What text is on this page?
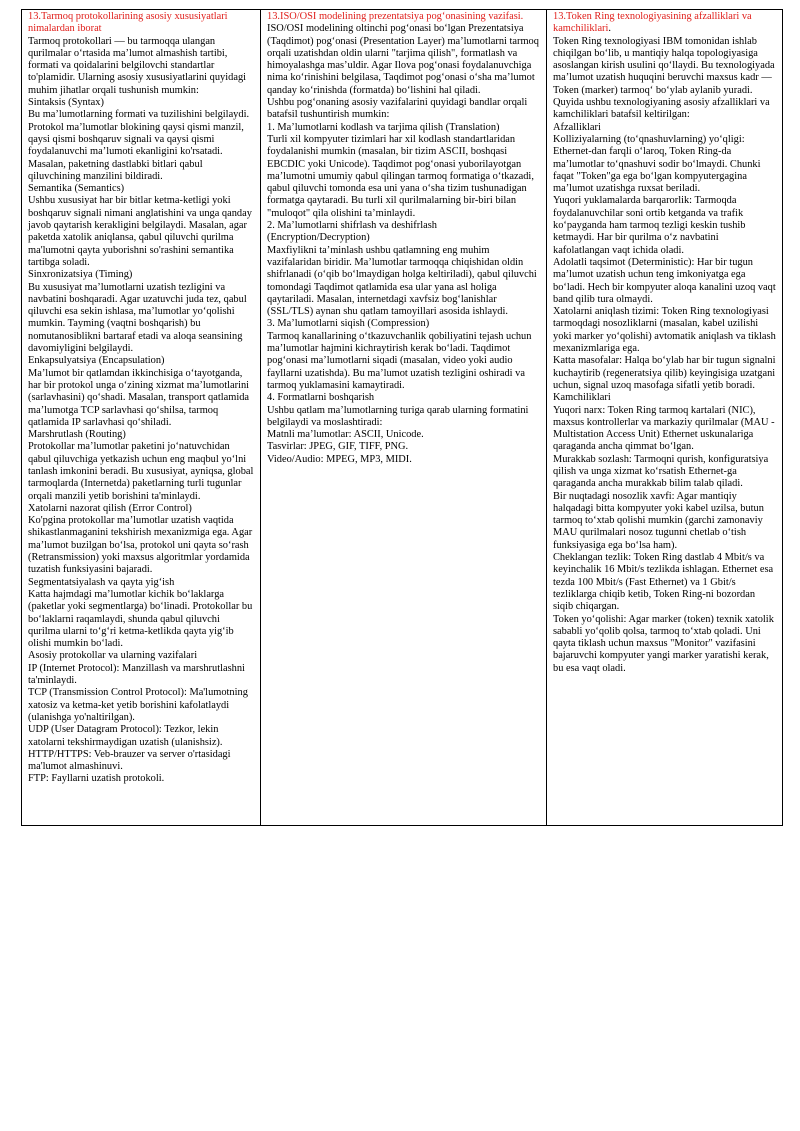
13.Tarmoq protokollarining asosiy xususiyatlari nimalardan iborat

Tarmoq protokollari — bu tarmoqqa ulangan qurilmalar o‘rtasida ma’lumot almashish tartibi, formati va qoidalarini belgilovchi standartlar to'plamidir. Ularning asosiy xususiyatlarini quyidagi muhim jihatlar orqali tushunish mumkin:

Sintaksis (Syntax)

Bu ma’lumotlarning formati va tuzilishini belgilaydi. Protokol ma’lumotlar blokining qaysi qismi manzil, qaysi qismi boshqaruv signali va qaysi qismi foydalanuvchi ma’lumoti ekanligini ko'rsatadi. Masalan, paketning dastlabki bitlari qabul qiluvchining manzilini bildiradi.

Semantika (Semantics)

Ushbu xususiyat har bir bitlar ketma-ketligi yoki boshqaruv signali nimani anglatishini va unga qanday javob qaytarish kerakligini belgilaydi. Masalan, agar paketda xatolik aniqlansa, qabul qiluvchi qurilma ma'lumotni qayta yuborishni so'rashini semantika tartibga soladi.

Sinxronizatsiya (Timing)

Bu xususiyat ma’lumotlarni uzatish tezligini va navbatini boshqaradi. Agar uzatuvchi juda tez, qabul qiluvchi esa sekin ishlasa, ma’lumotlar yo‘qolishi mumkin. Tayming (vaqtni boshqarish) bu nomutanosiblikni bartaraf etadi va aloqa seansining davomiyligini belgilaydi.

Enkapsulyatsiya (Encapsulation)

Ma’lumot bir qatlamdan ikkinchisiga o‘tayotganda, har bir protokol unga o‘zining xizmat ma’lumotlarini (sarlavhasini) qo‘shadi. Masalan, transport qatlamida ma’lumotga TCP sarlavhasi qo‘shilsa, tarmoq qatlamida IP sarlavhasi qo‘shiladi.

Marshrutlash (Routing)

Protokollar ma’lumotlar paketini jo‘natuvchidan qabul qiluvchiga yetkazish uchun eng maqbul yo‘lni tanlash imkonini beradi. Bu xususiyat, ayniqsa, global tarmoqlarda (Internetda) paketlarning turli tugunlar orqali manzili yetib borishini ta'minlaydi.

Xatolarni nazorat qilish (Error Control)

Ko'pgina protokollar ma’lumotlar uzatish vaqtida shikastlanmaganini tekshirish mexanizmiga ega. Agar ma’lumot buzilgan bo‘lsa, protokol uni qayta so‘rash (Retransmission) yoki maxsus algoritmlar yordamida tuzatish funksiyasini bajaradi.

Segmentatsiyalash va qayta yig‘ish

Katta hajmdagi ma’lumotlar kichik bo‘laklarga (paketlar yoki segmentlarga) bo‘linadi. Protokollar bu bo‘laklarni raqamlaydi, shunda qabul qiluvchi qurilma ularni to‘g‘ri ketma-ketlikda qayta yig‘ib olishi mumkin bo‘ladi.

Asosiy protokollar va ularning vazifalari

IP (Internet Protocol): Manzillash va marshrutlashni ta'minlaydi.

TCP (Transmission Control Protocol): Ma'lumotning xatosiz va ketma-ket yetib borishini kafolatlaydi (ulanishga yo'naltirilgan).

UDP (User Datagram Protocol): Tezkor, lekin xatolarni tekshirmaydigan uzatish (ulanishsiz).

HTTP/HTTPS: Veb-brauzer va server o'rtasidagi ma'lumot almashinuvi.

FTP: Fayllarni uzatish protokoli.

13.ISO/OSI modelining prezentatsiya pog‘onasining vazifasi.

ISO/OSI modelining oltinchi pog‘onasi bo‘lgan Prezentatsiya (Taqdimot) pog‘onasi (Presentation Layer) ma’lumotlarni tarmoq orqali uzatishdan oldin ularni "tarjima qilish", formatlash va himoyalashga mas’uldir. Agar Ilova pog‘onasi foydalanuvchiga nima ko‘rinishini belgilasa, Taqdimot pog‘onasi o‘sha ma’lumot qanday ko‘rinishda (formatda) bo‘lishini hal qiladi.

Ushbu pog‘onaning asosiy vazifalarini quyidagi bandlar orqali batafsil tushuntirish mumkin:

1. Ma’lumotlarni kodlash va tarjima qilish (Translation)

Turli xil kompyuter tizimlari har xil kodlash standartlaridan foydalanishi mumkin (masalan, bir tizim ASCII, boshqasi EBCDIC yoki Unicode). Taqdimot pog‘onasi yuborilayotgan ma’lumotni umumiy qabul qilingan tarmoq formatiga o‘tkazadi, qabul qiluvchi tomonda esa uni yana o‘sha tizim tushunadigan formatga qaytaradi. Bu turli xil qurilmalarning bir-biri bilan "muloqot" qila olishini ta’minlaydi.

2. Ma’lumotlarni shifrlash va deshifrlash (Encryption/Decryption)

Maxfiylikni ta’minlash ushbu qatlamning eng muhim vazifalaridan biridir. Ma’lumotlar tarmoqqa chiqishidan oldin shifrlanadi (o‘qib bo‘lmaydigan holga keltiriladi), qabul qiluvchi tomondagi Taqdimot qatlamida esa ular yana asl holiga qaytariladi. Masalan, internetdagi xavfsiz bog‘lanishlar (SSL/TLS) aynan shu qatlam tamoyillari asosida ishlaydi.

3. Ma’lumotlarni siqish (Compression)

Tarmoq kanallarining o‘tkazuvchanlik qobiliyatini tejash uchun ma’lumotlar hajmini kichraytirish kerak bo‘ladi. Taqdimot pog‘onasi ma’lumotlarni siqadi (masalan, video yoki audio fayllarni uzatishda). Bu ma’lumot uzatish tezligini oshiradi va tarmoq yuklamasini kamaytiradi.

4. Formatlarni boshqarish

Ushbu qatlam ma’lumotlarning turiga qarab ularning formatini belgilaydi va moslashtiradi:

Matnli ma’lumotlar: ASCII, Unicode.

Tasvirlar: JPEG, GIF, TIFF, PNG.

Video/Audio: MPEG, MP3, MIDI.

13.Token Ring texnologiyasining afzalliklari va kamchiliklari.

Token Ring texnologiyasi IBM tomonidan ishlab chiqilgan bo‘lib, u mantiqiy halqa topologiyasiga asoslangan kirish usulini qo‘llaydi. Bu texnologiyada ma’lumot uzatish huquqini beruvchi maxsus kadr — Token (marker) tarmoq‘ bo‘ylab aylanib yuradi.

Quyida ushbu texnologiyaning asosiy afzalliklari va kamchiliklari batafsil keltirilgan:

Afzalliklari

Kolliziyalarning (to‘qnashuvlarning) yo‘qligi: Ethernet-dan farqli o‘laroq, Token Ring-da ma’lumotlar to‘qnashuvi sodir bo‘lmaydi. Chunki faqat "Token"ga ega bo‘lgan kompyutergagina ma’lumot uzatishga ruxsat beriladi.

Yuqori yuklamalarda barqarorlik: Tarmoqda foydalanuvchilar soni ortib ketganda va trafik ko‘payganda ham tarmoq tezligi keskin tushib ketmaydi. Har bir qurilma o‘z navbatini kafolatlangan vaqt ichida oladi.

Adolatli taqsimot (Deterministic): Har bir tugun ma’lumot uzatish uchun teng imkoniyatga ega bo‘ladi. Hech bir kompyuter aloqa kanalini uzoq vaqt band qilib tura olmaydi.

Xatolarni aniqlash tizimi: Token Ring texnologiyasi tarmoqdagi nosozliklarni (masalan, kabel uzilishi yoki marker yo‘qolishi) avtomatik aniqlash va tiklash mexanizmlariga ega.

Katta masofalar: Halqa bo‘ylab har bir tugun signalni kuchaytirib (regeneratsiya qilib) keyingisiga uzatgani uchun, signal uzoq masofaga sifatli yetib boradi.

Kamchiliklari

Yuqori narx: Token Ring tarmoq kartalari (NIC), maxsus kontrollerlar va markaziy qurilmalar (MAU - Multistation Access Unit) Ethernet uskunalariga qaraganda ancha qimmat bo‘lgan.

Murakkab sozlash: Tarmoqni qurish, konfiguratsiya qilish va unga xizmat ko‘rsatish Ethernet-ga qaraganda ancha murakkab bilim talab qiladi.

Bir nuqtadagi nosozlik xavfi: Agar mantiqiy halqadagi bitta kompyuter yoki kabel uzilsa, butun tarmoq to‘xtab qolishi mumkin (garchi zamonaviy MAU qurilmalari nosoz tugunni chetlab o‘tish funksiyasiga ega bo‘lsa ham).

Cheklangan tezlik: Token Ring dastlab 4 Mbit/s va keyinchalik 16 Mbit/s tezlikda ishlagan. Ethernet esa tezda 100 Mbit/s (Fast Ethernet) va 1 Gbit/s tezliklarga chiqib ketib, Token Ring-ni bozordan siqib chiqargan.

Token yo‘qolishi: Agar marker (token) texnik xatolik sababli yo‘qolib qolsa, tarmoq to‘xtab qoladi. Uni qayta tiklash uchun maxsus "Monitor" vazifasini bajaruvchi kompyuter yangi marker yaratishi kerak, bu esa vaqt oladi.
